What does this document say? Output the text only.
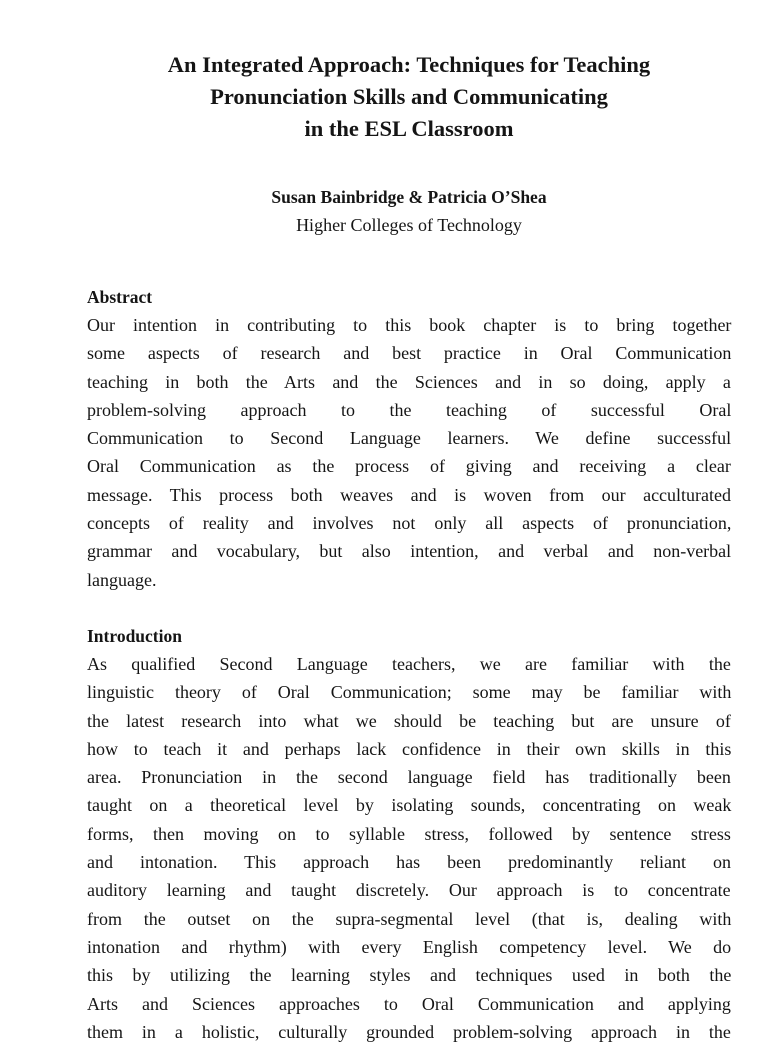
An Integrated Approach: Techniques for Teaching
Pronunciation Skills and Communicating
in the ESL Classroom

Susan Bainbridge & Patricia O’Shea

Higher Colleges of Technology

Abstract

Our intention in contributing to this book chapter is to bring together
some aspects of research and best practice in Oral Communication
teaching in both the Arts and the Sciences and in so doing, apply a
problem-solving approach to the teaching of successful Oral
Communication to Second Language learners. We define successful
Oral Communication as the process of giving and receiving a clear
message. This process both weaves and is woven from our acculturated
concepts of reality and involves not only all aspects of pronunciation,
grammar and vocabulary, but also intention, and verbal and non-verbal
language.

Introduction

As qualified Second Language teachers, we are familiar with the
linguistic theory of Oral Communication; some may be familiar with
the latest research into what we should be teaching but are unsure of
how to teach it and perhaps lack confidence in their own skills in this
area. Pronunciation in the second language field has traditionally been
taught on a theoretical level by isolating sounds, concentrating on weak
forms, then moving on to syllable stress, followed by sentence stress
and intonation. This approach has been predominantly reliant on
auditory learning and taught discretely. Our approach is to concentrate
from the outset on the supra-segmental level (that is, dealing with
intonation and rhythm) with every English competency level. We do
this by utilizing the learning styles and techniques used in both the
Arts and Sciences approaches to Oral Communication and applying
them in a holistic, culturally grounded problem-solving approach in the
